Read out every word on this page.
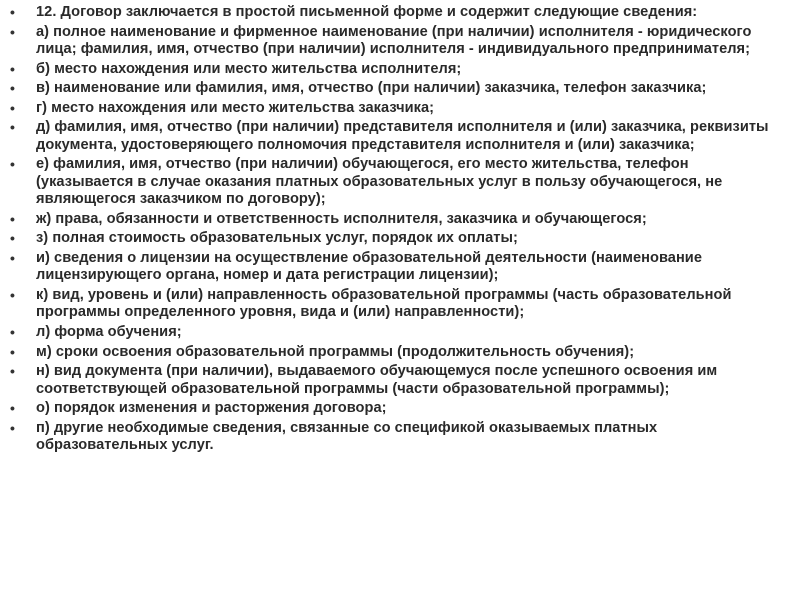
• 12. Договор заключается в простой письменной форме и содержит следующие сведения:
• а) полное наименование и фирменное наименование (при наличии) исполнителя - юридического лица; фамилия, имя, отчество (при наличии) исполнителя - индивидуального предпринимателя;
• б) место нахождения или место жительства исполнителя;
• в) наименование или фамилия, имя, отчество (при наличии) заказчика, телефон заказчика;
• г) место нахождения или место жительства заказчика;
• д) фамилия, имя, отчество (при наличии) представителя исполнителя и (или) заказчика, реквизиты документа, удостоверяющего полномочия представителя исполнителя и (или) заказчика;
• е) фамилия, имя, отчество (при наличии) обучающегося, его место жительства, телефон (указывается в случае оказания платных образовательных услуг в пользу обучающегося, не являющегося заказчиком по договору);
• ж) права, обязанности и ответственность исполнителя, заказчика и обучающегося;
• з) полная стоимость образовательных услуг, порядок их оплаты;
• и) сведения о лицензии на осуществление образовательной деятельности (наименование лицензирующего органа, номер и дата регистрации лицензии);
• к) вид, уровень и (или) направленность образовательной программы (часть образовательной программы определенного уровня, вида и (или) направленности);
• л) форма обучения;
• м) сроки освоения образовательной программы (продолжительность обучения);
• н) вид документа (при наличии), выдаваемого обучающемуся после успешного освоения им соответствующей образовательной программы (части образовательной программы);
• о) порядок изменения и расторжения договора;
• п) другие необходимые сведения, связанные со спецификой оказываемых платных образовательных услуг.
